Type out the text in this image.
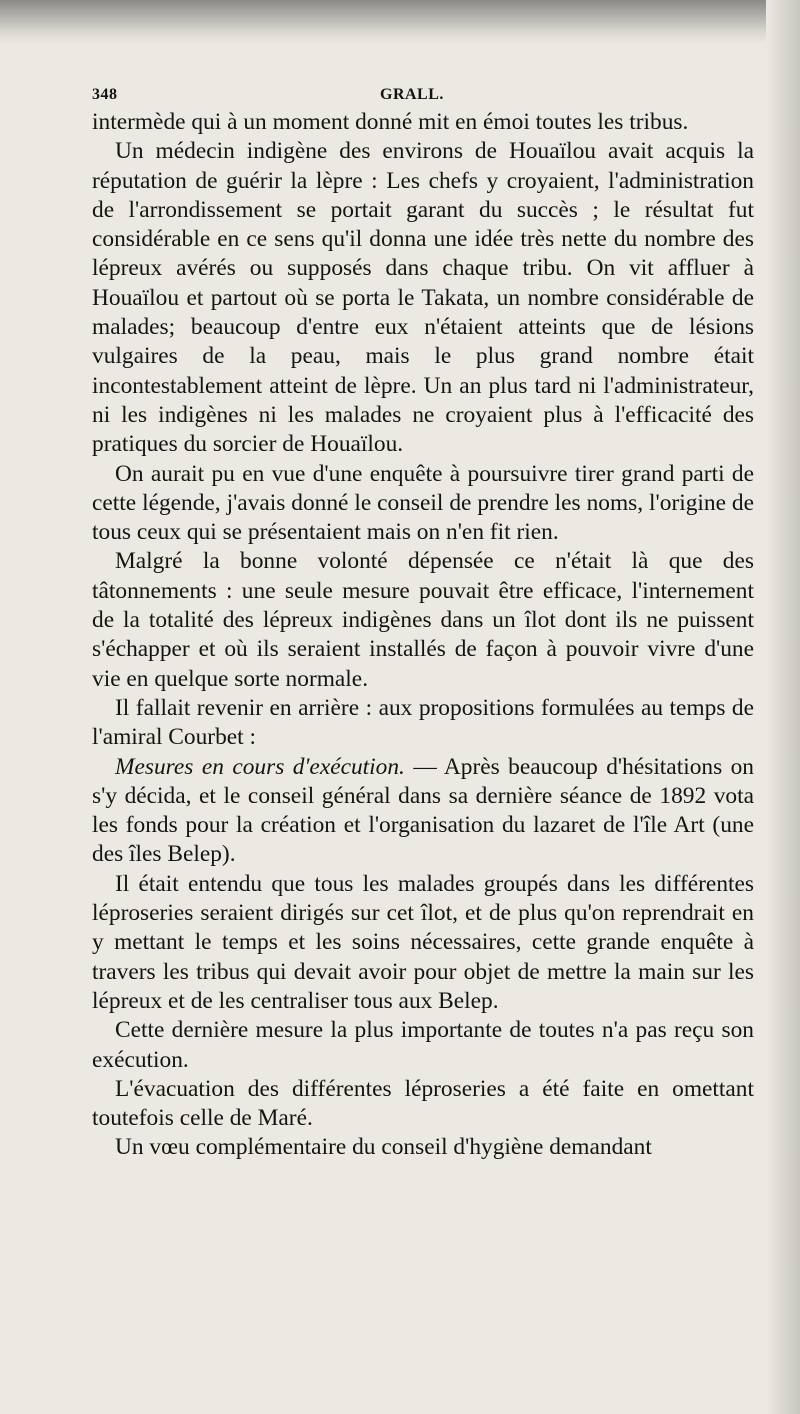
348	GRALL.

intermède qui à un moment donné mit en émoi toutes les tribus.

Un médecin indigène des environs de Houaïlou avait acquis la réputation de guérir la lèpre : Les chefs y croyaient, l'administration de l'arrondissement se portait garant du succès ; le résultat fut considérable en ce sens qu'il donna une idée très nette du nombre des lépreux avérés ou supposés dans chaque tribu. On vit affluer à Houaïlou et partout où se porta le Takata, un nombre considérable de malades; beaucoup d'entre eux n'étaient atteints que de lésions vulgaires de la peau, mais le plus grand nombre était incontestablement atteint de lèpre. Un an plus tard ni l'administrateur, ni les indigènes ni les malades ne croyaient plus à l'efficacité des pratiques du sorcier de Houaïlou.

On aurait pu en vue d'une enquête à poursuivre tirer grand parti de cette légende, j'avais donné le conseil de prendre les noms, l'origine de tous ceux qui se présentaient mais on n'en fit rien.

Malgré la bonne volonté dépensée ce n'était là que des tâtonnements : une seule mesure pouvait être efficace, l'internement de la totalité des lépreux indigènes dans un îlot dont ils ne puissent s'échapper et où ils seraient installés de façon à pouvoir vivre d'une vie en quelque sorte normale.

Il fallait revenir en arrière : aux propositions formulées au temps de l'amiral Courbet :

Mesures en cours d'exécution. — Après beaucoup d'hésitations on s'y décida, et le conseil général dans sa dernière séance de 1892 vota les fonds pour la création et l'organisation du lazaret de l'île Art (une des îles Belep).

Il était entendu que tous les malades groupés dans les différentes léproseries seraient dirigés sur cet îlot, et de plus qu'on reprendrait en y mettant le temps et les soins nécessaires, cette grande enquête à travers les tribus qui devait avoir pour objet de mettre la main sur les lépreux et de les centraliser tous aux Belep.

Cette dernière mesure la plus importante de toutes n'a pas reçu son exécution.

L'évacuation des différentes léproseries a été faite en omettant toutefois celle de Maré.

Un vœu complémentaire du conseil d'hygiène demandant
